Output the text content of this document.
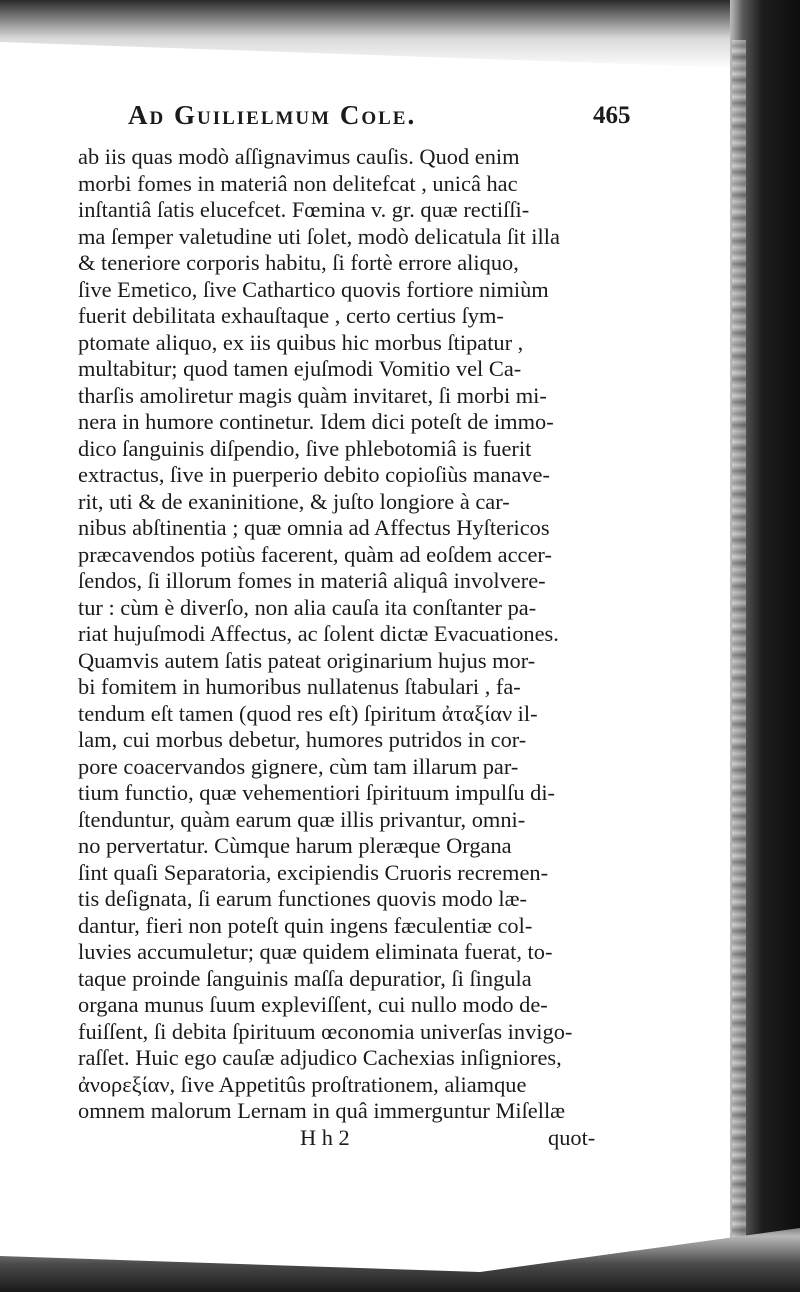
Ad Guilielmum Cole.	465
ab iis quas modò aſſignavimus cauſis. Quod enim
morbi fomes in materiâ non delitefcat , unicâ hac
inſtantiâ ſatis elucefcet. Fœmina v. gr. quæ rectiſſi-
ma ſemper valetudine uti ſolet, modò delicatula ſit illa
& teneriore corporis habitu, ſi fortè errore aliquo,
ſive Emetico, ſive Cathartico quovis fortiore nimiùm
fuerit debilitata exhauſtaque , certo certius ſym-
ptomate aliquo, ex iis quibus hic morbus ſtipatur ,
multabitur; quod tamen ejuſmodi Vomitio vel Ca-
tharſis amoliretur magis quàm invitaret, ſi morbi mi-
nera in humore continetur. Idem dici poteſt de immo-
dico ſanguinis diſpendio, ſive phlebotomiâ is fuerit
extractus, ſive in puerperio debito copioſiùs manave-
rit, uti & de exaninitione, & juſto longiore à car-
nibus abſtinentia ; quæ omnia ad Affectus Hyſtericos
præcavendos potiùs facerent, quàm ad eoſdem accer-
ſendos, ſi illorum fomes in materiâ aliquâ involvere-
tur : cùm è diverſo, non alia cauſa ita conſtanter pa-
riat hujuſmodi Affectus, ac ſolent dictæ Evacuationes.
Quamvis autem ſatis pateat originarium hujus mor-
bi fomitem in humoribus nullatenus ſtabulari , fa-
tendum eſt tamen (quod res eſt) ſpiritum ἀταξίαν il-
lam, cui morbus debetur, humores putridos in cor-
pore coacervandos gignere, cùm tam illarum par-
tium functio, quæ vehementiori ſpirituum impulſu di-
ſtenduntur, quàm earum quæ illis privantur, omni-
no pervertatur. Cùmque harum pleræque Organa
ſint quaſi Separatoria, excipiendis Cruoris recremen-
tis deſignata, ſi earum functiones quovis modo læ-
dantur, fieri non poteſt quin ingens fæculentiæ col-
luvies accumuletur; quæ quidem eliminata fuerat, to-
taque proinde ſanguinis maſſa depuratior, ſi ſingula
organa munus ſuum expleviſſent, cui nullo modo de-
fuiſſent, ſi debita ſpirituum œconomia univerſas invigo-
raſſet. Huic ego cauſæ adjudico Cachexias inſigniores,
ἀνορεξίαν, ſive Appetitûs proſtrationem, aliamque
omnem malorum Lernam in quâ immerguntur Miſellæ
H h 2	quot-
